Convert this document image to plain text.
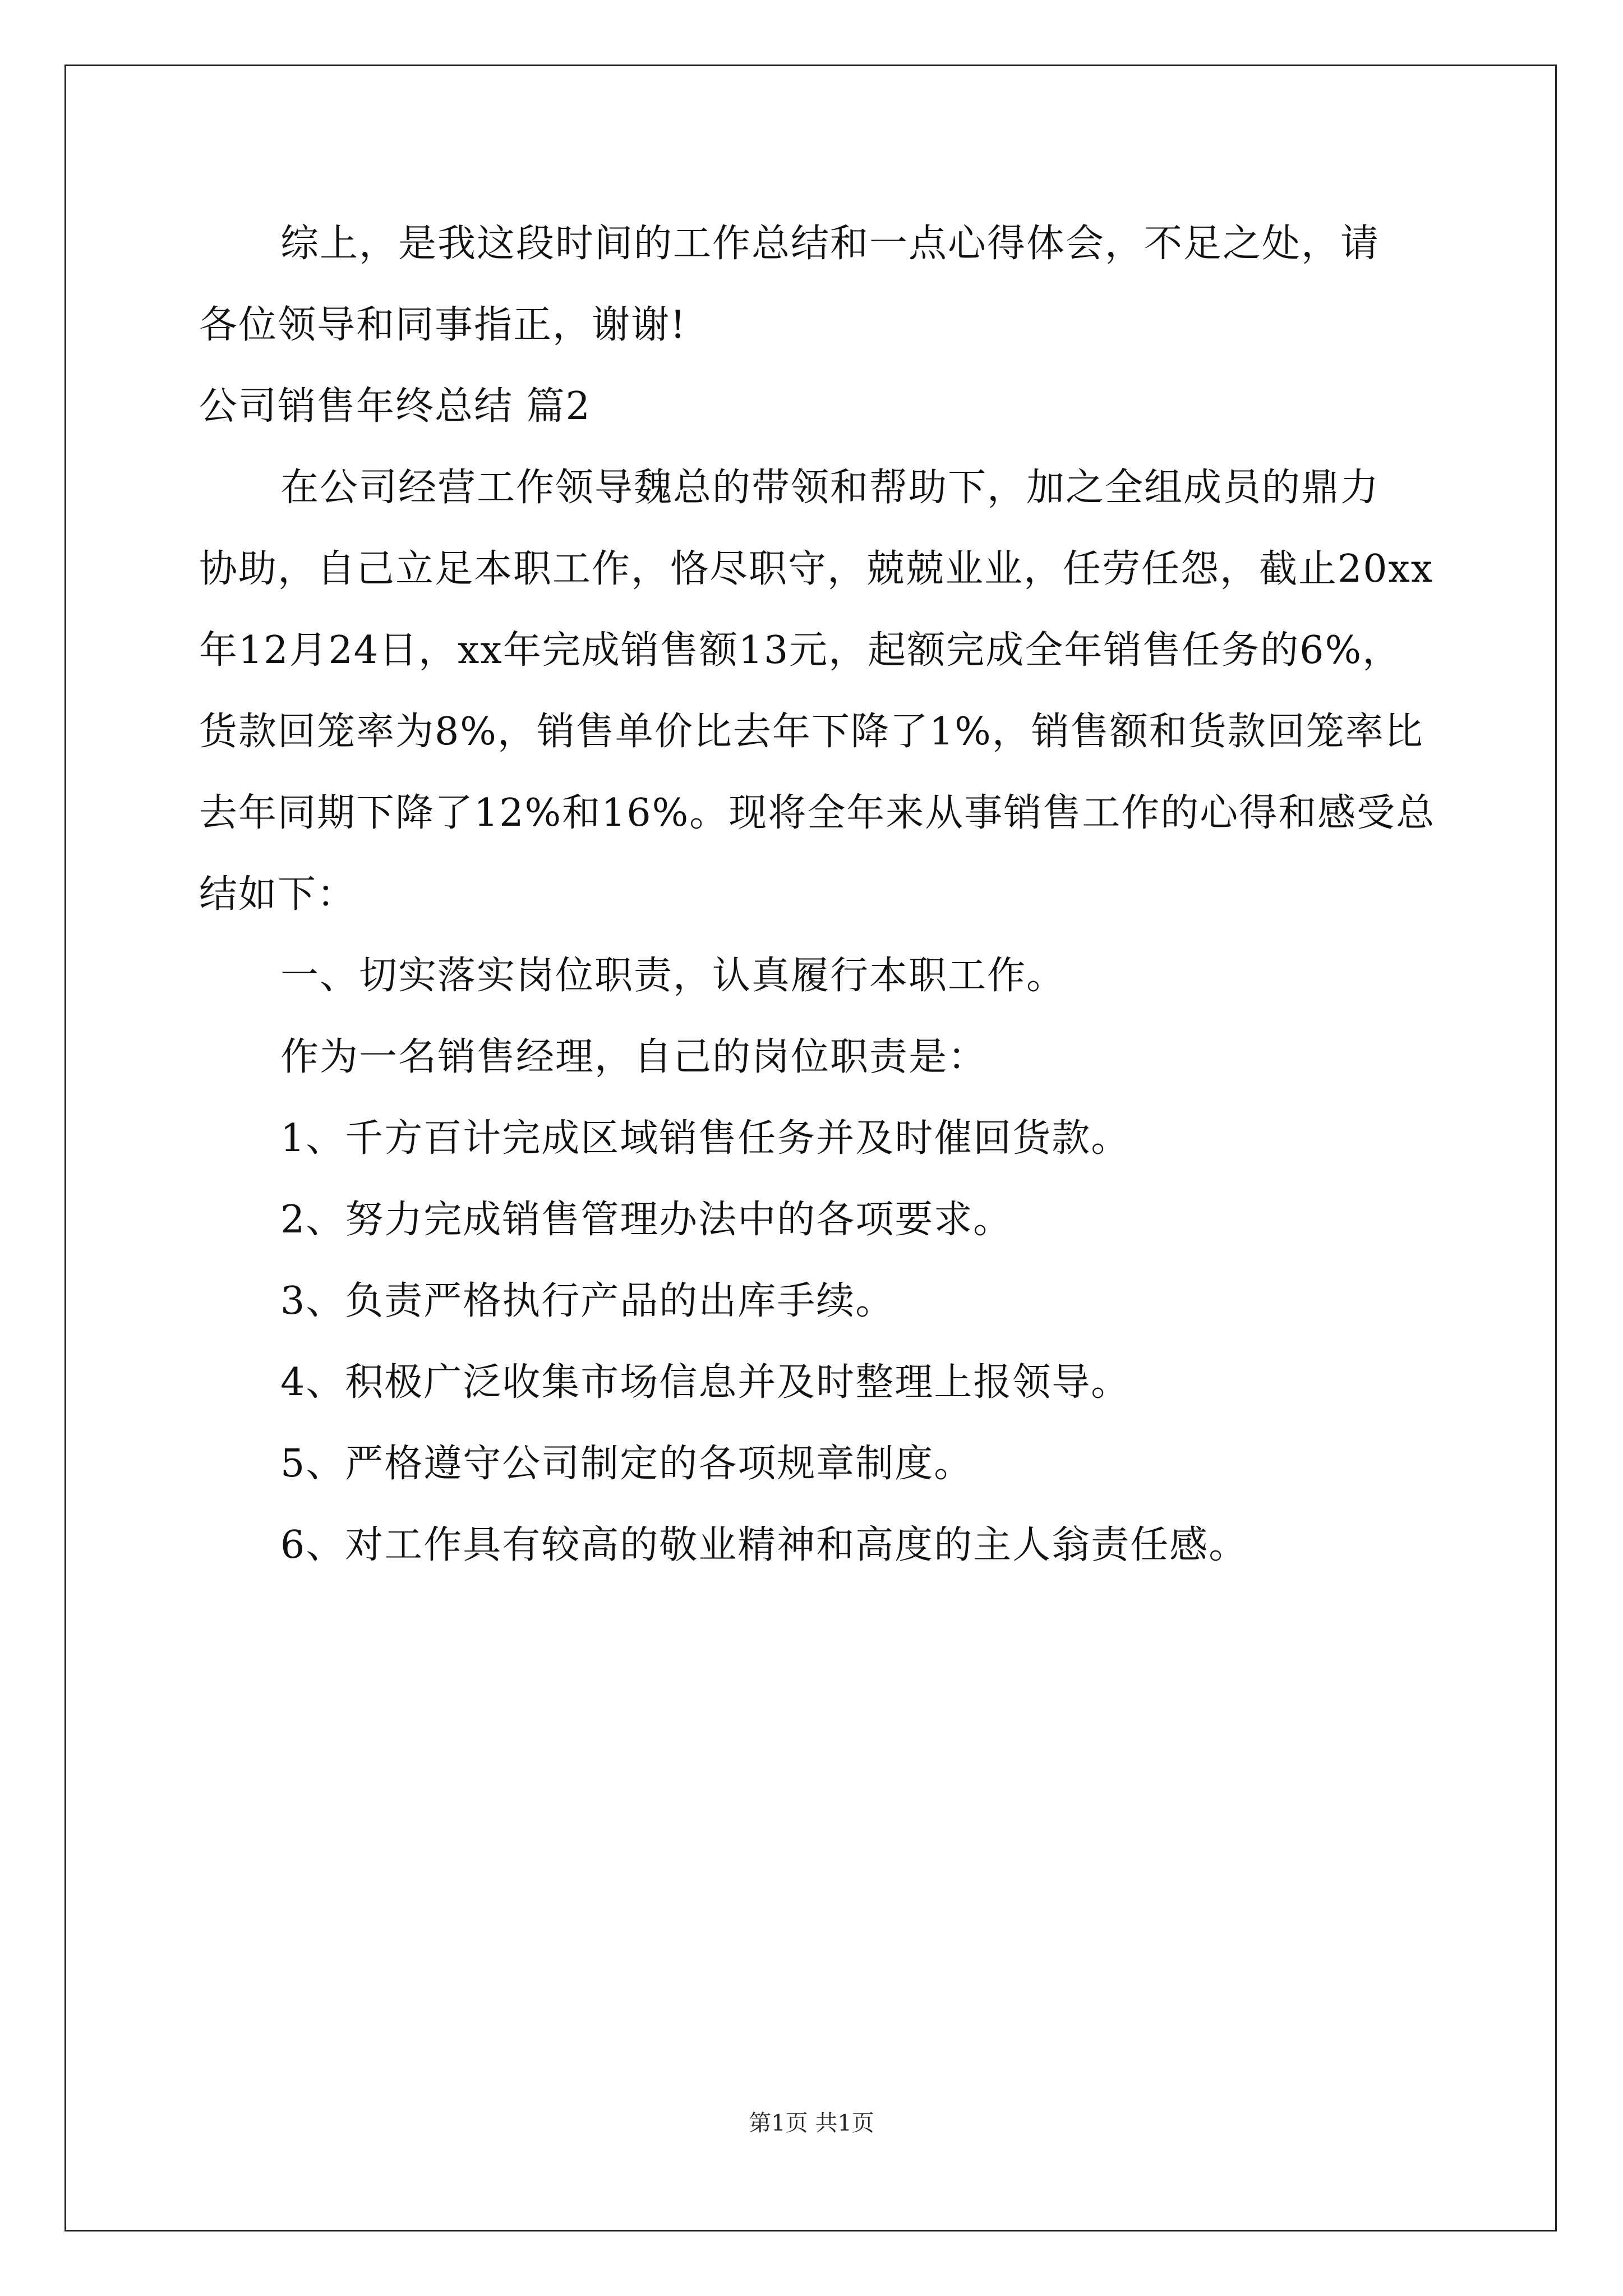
综上，是我这段时间的工作总结和一点心得体会，不足之处，请
各位领导和同事指正，谢谢!
公司销售年终总结 篇2
在公司经营工作领导魏总的带领和帮助下，加之全组成员的鼎力
协助，自己立足本职工作，恪尽职守，兢兢业业，任劳任怨，截止20xx
年12月24日，xx年完成销售额13元，起额完成全年销售任务的6%，
货款回笼率为8%，销售单价比去年下降了1%，销售额和货款回笼率比
去年同期下降了12%和16%。现将全年来从事销售工作的心得和感受总
结如下：
一、切实落实岗位职责，认真履行本职工作。
作为一名销售经理，自己的岗位职责是：
1、千方百计完成区域销售任务并及时催回货款。
2、努力完成销售管理办法中的各项要求。
3、负责严格执行产品的出库手续。
4、积极广泛收集市场信息并及时整理上报领导。
5、严格遵守公司制定的各项规章制度。
6、对工作具有较高的敬业精神和高度的主人翁责任感。
第1页 共1页
